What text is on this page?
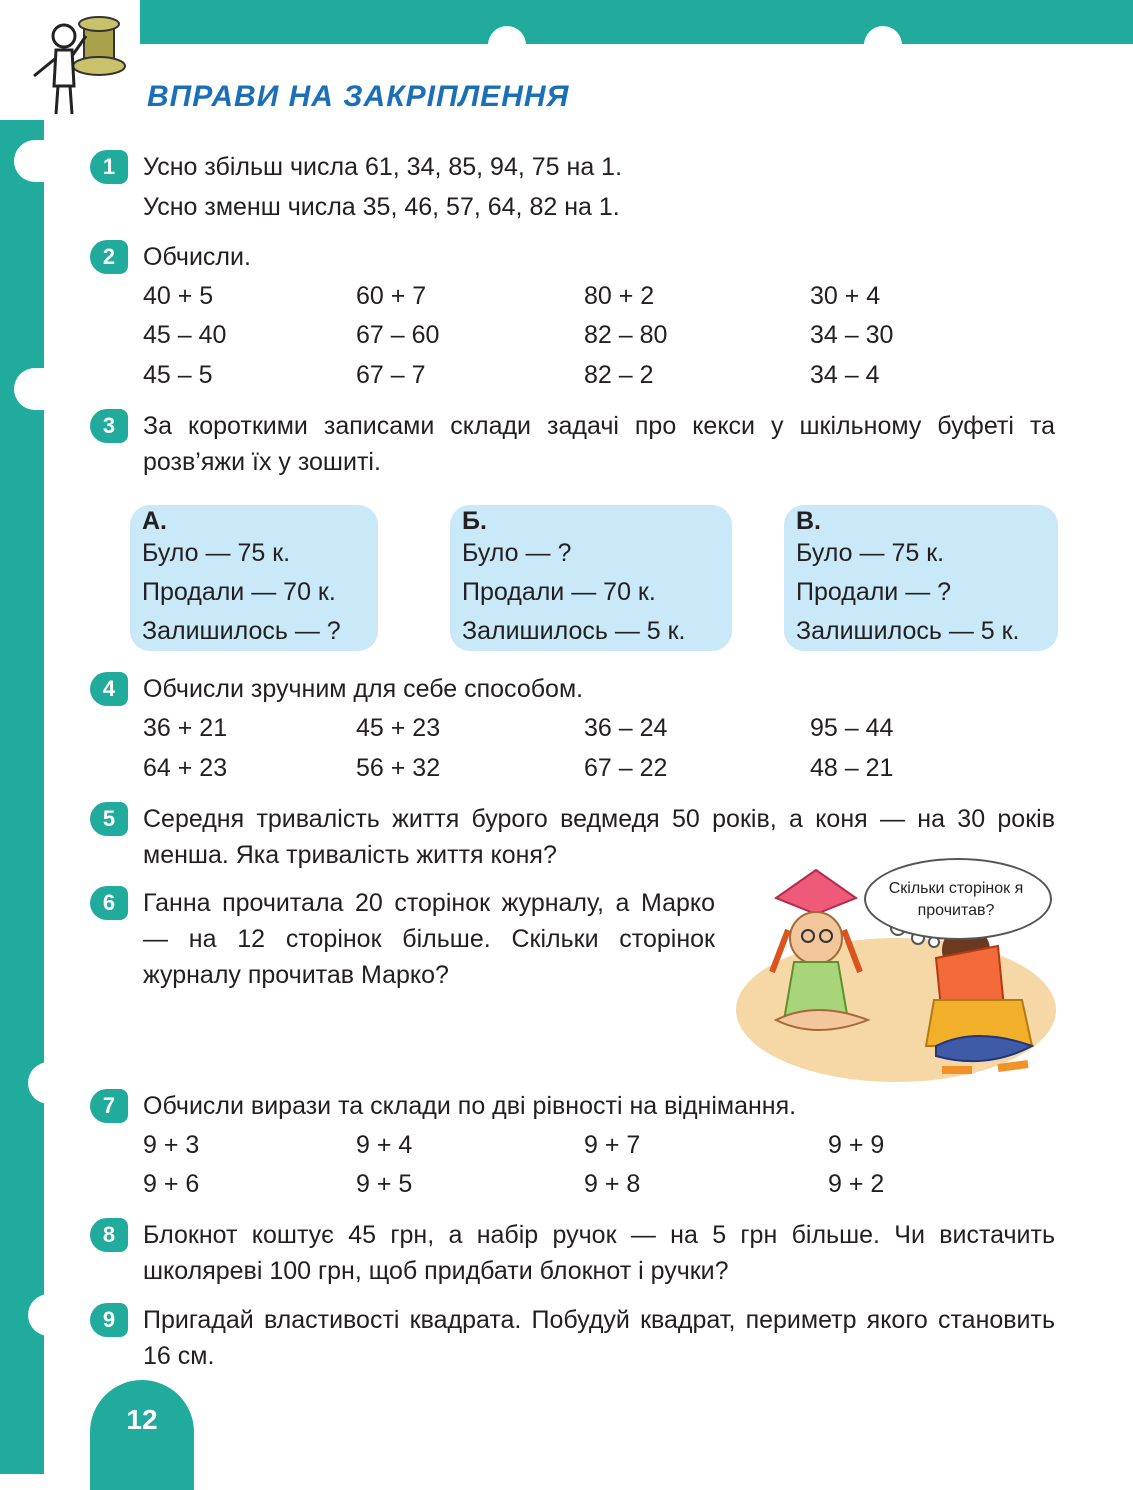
ВПРАВИ НА ЗАКРІПЛЕННЯ
1	Усно збільш числа 61, 34, 85, 94, 75 на 1.
Усно зменш числа 35, 46, 57, 64, 82 на 1.
2	Обчисли.
40 + 5	60 + 7	80 + 2	30 + 4
45 – 40	67 – 60	82 – 80	34 – 30
45 – 5	67 – 7	82 – 2	34 – 4
3	За короткими записами склади задачі про кекси у шкільному буфеті та розв’яжи їх у зошиті.
А.
Було — 75 к.
Продали — 70 к.
Залишилось — ?
Б.
Було — ?
Продали — 70 к.
Залишилось — 5 к.
В.
Було — 75 к.
Продали — ?
Залишилось — 5 к.
4	Обчисли зручним для себе способом.
36 + 21	45 + 23	36 – 24	95 – 44
64 + 23	56 + 32	67 – 22	48 – 21
5	Середня тривалість життя бурого ведмедя 50 років, а коня — на 30 років менша. Яка тривалість життя коня?
6	Ганна прочитала 20 сторінок журналу, а Марко — на 12 сторінок більше. Скільки сторінок журналу прочитав Марко?
Скільки сторінок я прочитав?
7	Обчисли вирази та склади по дві рівності на віднімання.
9 + 3	9 + 4	9 + 7	9 + 9
9 + 6	9 + 5	9 + 8	9 + 2
8	Блокнот коштує 45 грн, а набір ручок — на 5 грн більше. Чи вистачить школяреві 100 грн, щоб придбати блокнот і ручки?
9	Пригадай властивості квадрата. Побудуй квадрат, периметр якого становить 16 см.
12
